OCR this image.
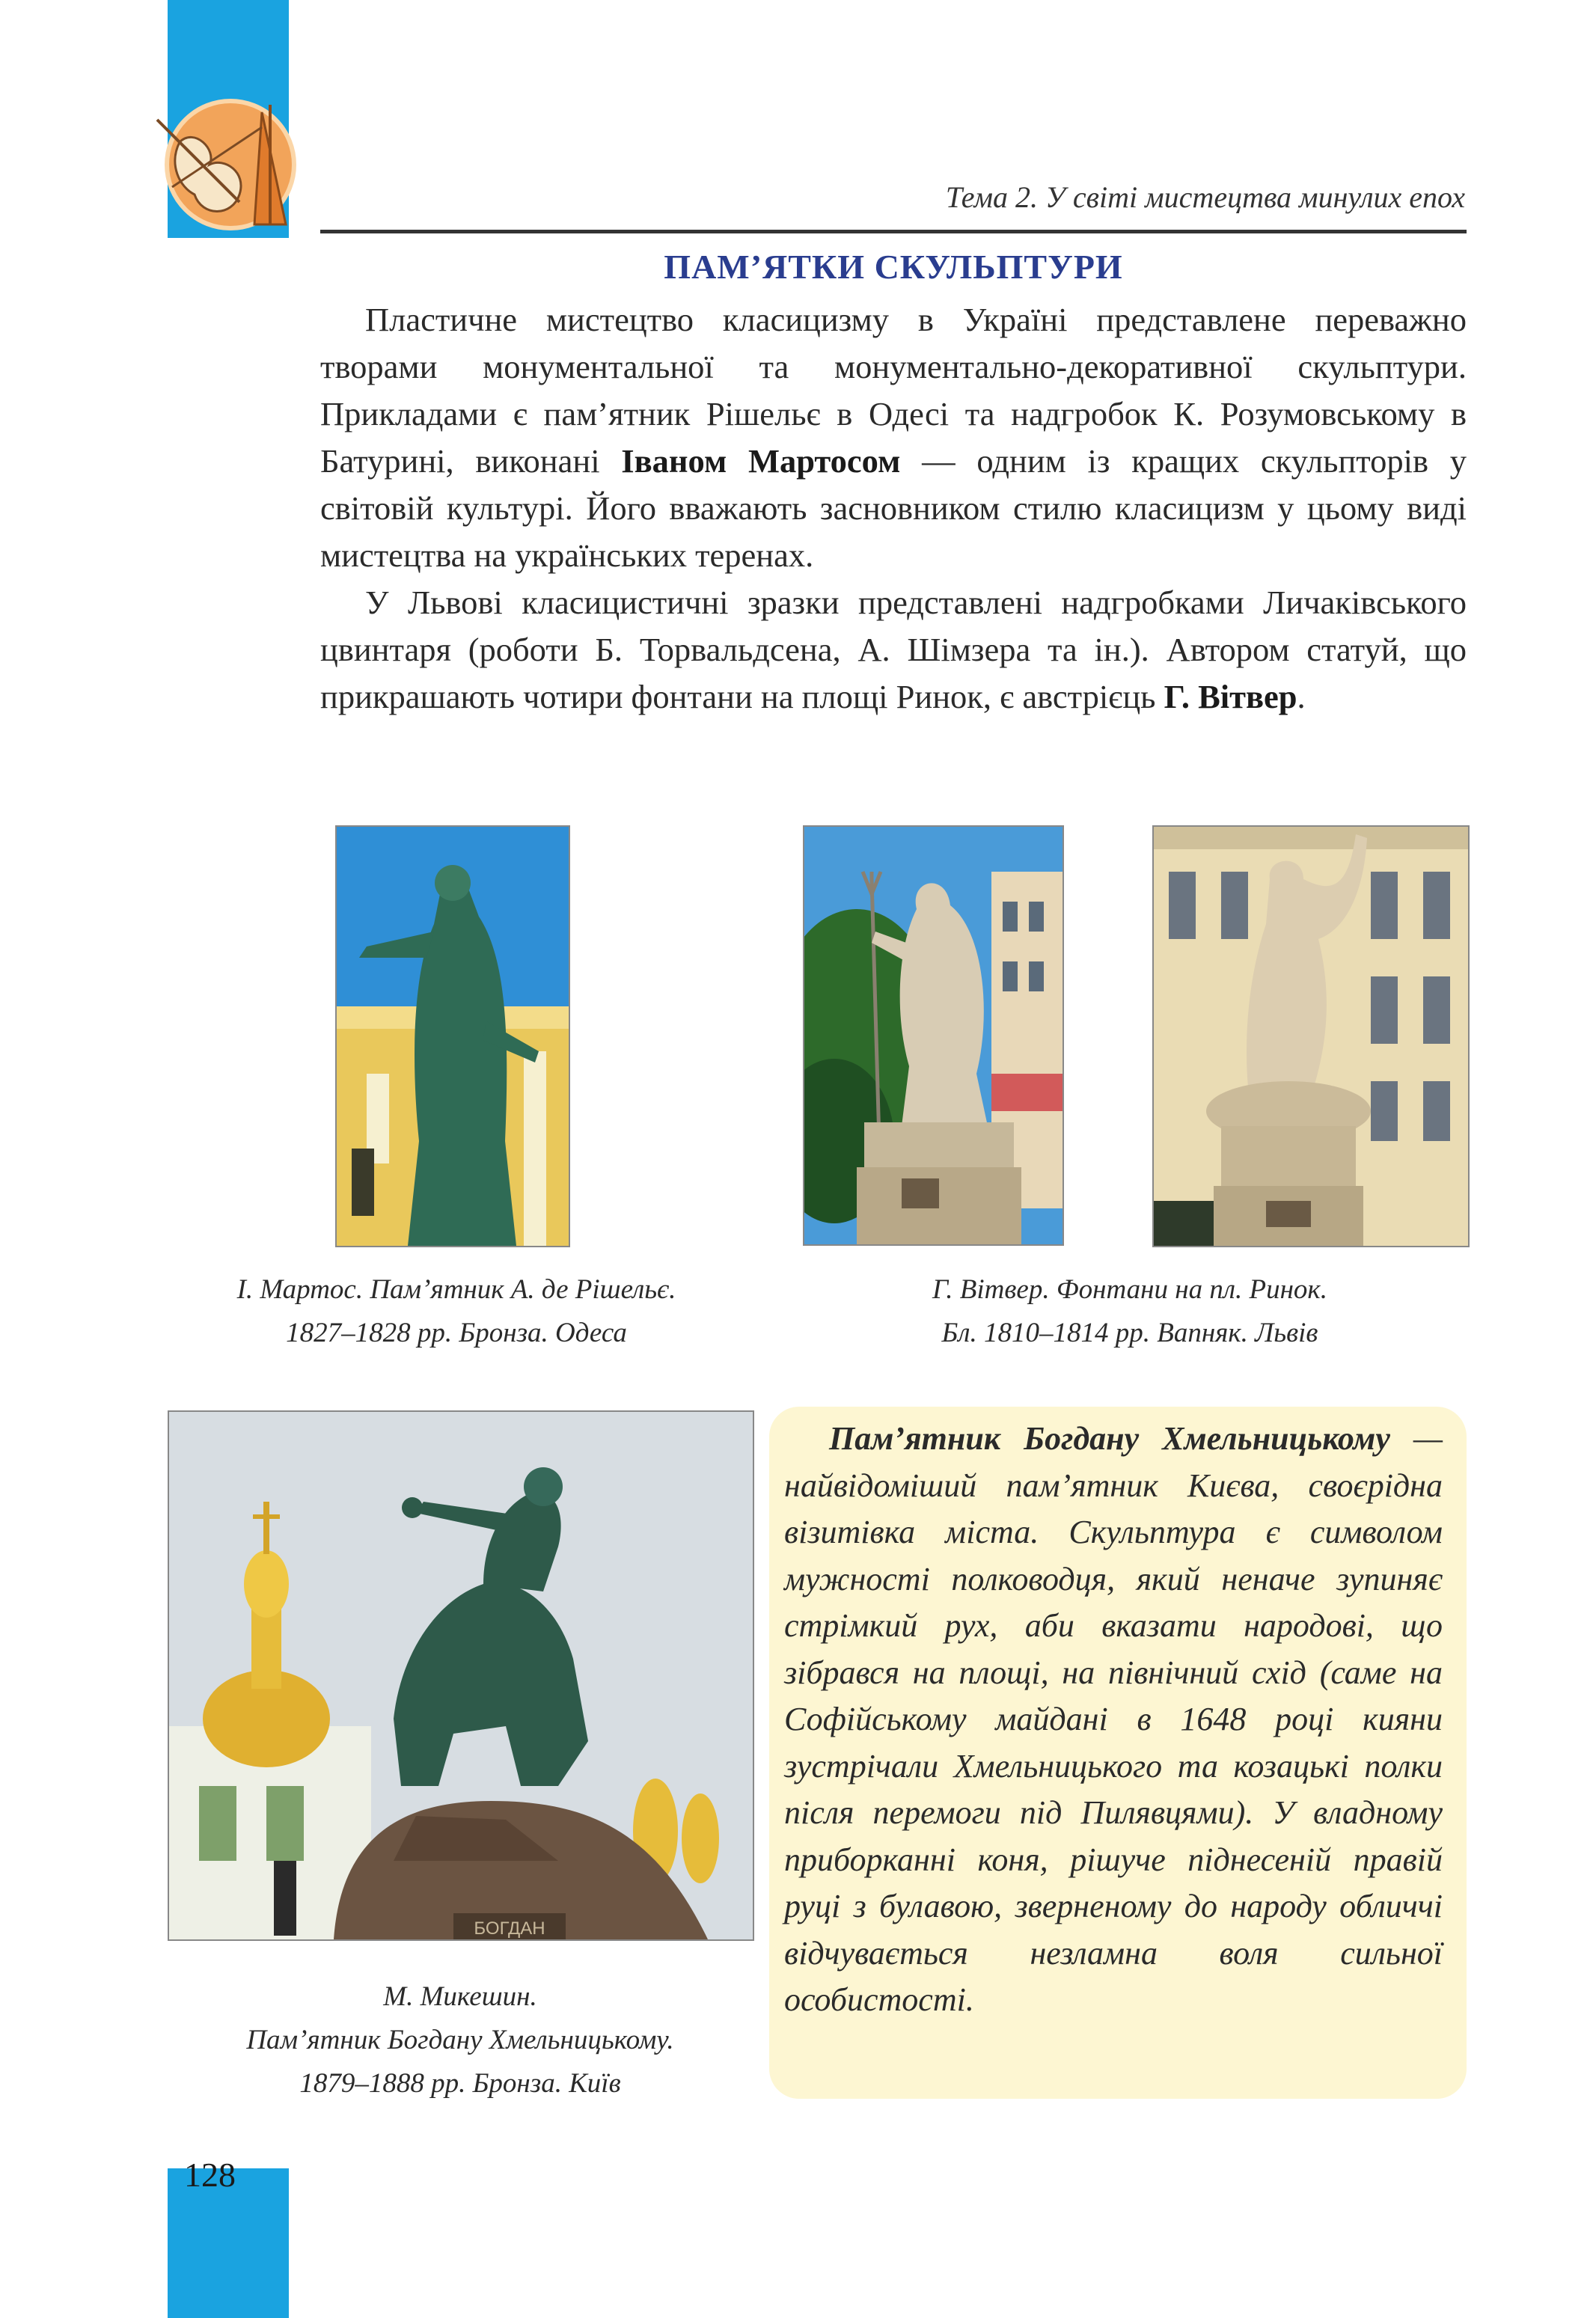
Тема 2. У світі мистецтва минулих епох
ПАМ’ЯТКИ СКУЛЬПТУРИ

Пластичне мистецтво класицизму в Україні представлене переважно творами монументальної та монументально-декоративної скульптури. Прикладами є пам’ятник Рішельє в Одесі та надгробок К. Розумовському в Батурині, виконані Іваном Мартосом — одним із кращих скульпторів у світовій культурі. Його вважають засновником стилю класицизм у цьому виді мистецтва на українських теренах.

У Львові класицистичні зразки представлені надгробками Личаківського цвинтаря (роботи Б. Торвальдсена, А. Шімзера та ін.). Автором статуй, що прикрашають чотири фонтани на площі Ринок, є австрієць Г. Вітвер.

І. Мартос. Пам’ятник А. де Рішельє.
1827–1828 рр. Бронза. Одеса
Г. Вітвер. Фонтани на пл. Ринок.
Бл. 1810–1814 рр. Вапняк. Львів
БОГДАН
М. Микешин.
Пам’ятник Богдану Хмельницькому.
1879–1888 рр. Бронза. Київ
Пам’ятник Богдану Хмельницькому — найвідоміший пам’ятник Києва, своєрідна візитівка міста. Скульптура є символом мужності полководця, який неначе зупиняє стрімкий рух, аби вказати народові, що зібрався на площі, на північний схід (саме на Софійському майдані в 1648 році кияни зустрічали Хмельницького та козацькі полки після перемоги під Пилявцями). У владному приборканні коня, рішуче піднесеній правій руці з булавою, зверненому до народу обличчі відчувається незламна воля сильної особистості.
128
